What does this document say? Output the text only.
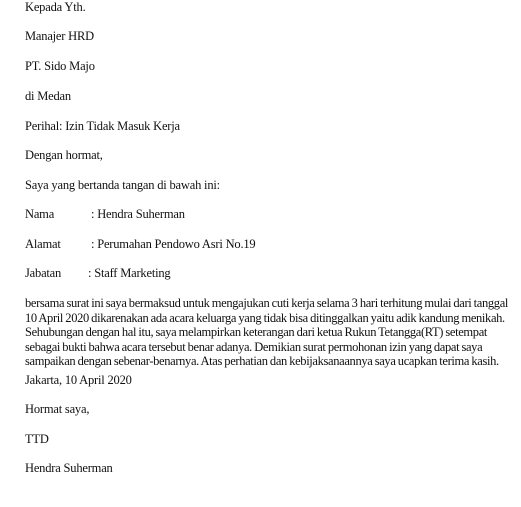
Kepada Yth.
Manajer HRD
PT. Sido Majo
di Medan
Perihal: Izin Tidak Masuk Kerja
Dengan hormat,
Saya yang bertanda tangan di bawah ini:
Nama	: Hendra Suherman
Alamat : Perumahan Pendowo Asri No.19
Jabatan : Staff Marketing
bersama surat ini saya bermaksud untuk mengajukan cuti kerja selama 3 hari terhitung mulai dari tanggal 10 April 2020 dikarenakan ada acara keluarga yang tidak bisa ditinggalkan yaitu adik kandung menikah. Sehubungan dengan hal itu, saya melampirkan keterangan dari ketua Rukun Tetangga(RT) setempat sebagai bukti bahwa acara tersebut benar adanya. Demikian surat permohonan izin yang dapat saya sampaikan dengan sebenar-benarnya. Atas perhatian dan kebijaksanaannya saya ucapkan terima kasih.
Jakarta, 10 April 2020
Hormat saya,
TTD
Hendra Suherman
